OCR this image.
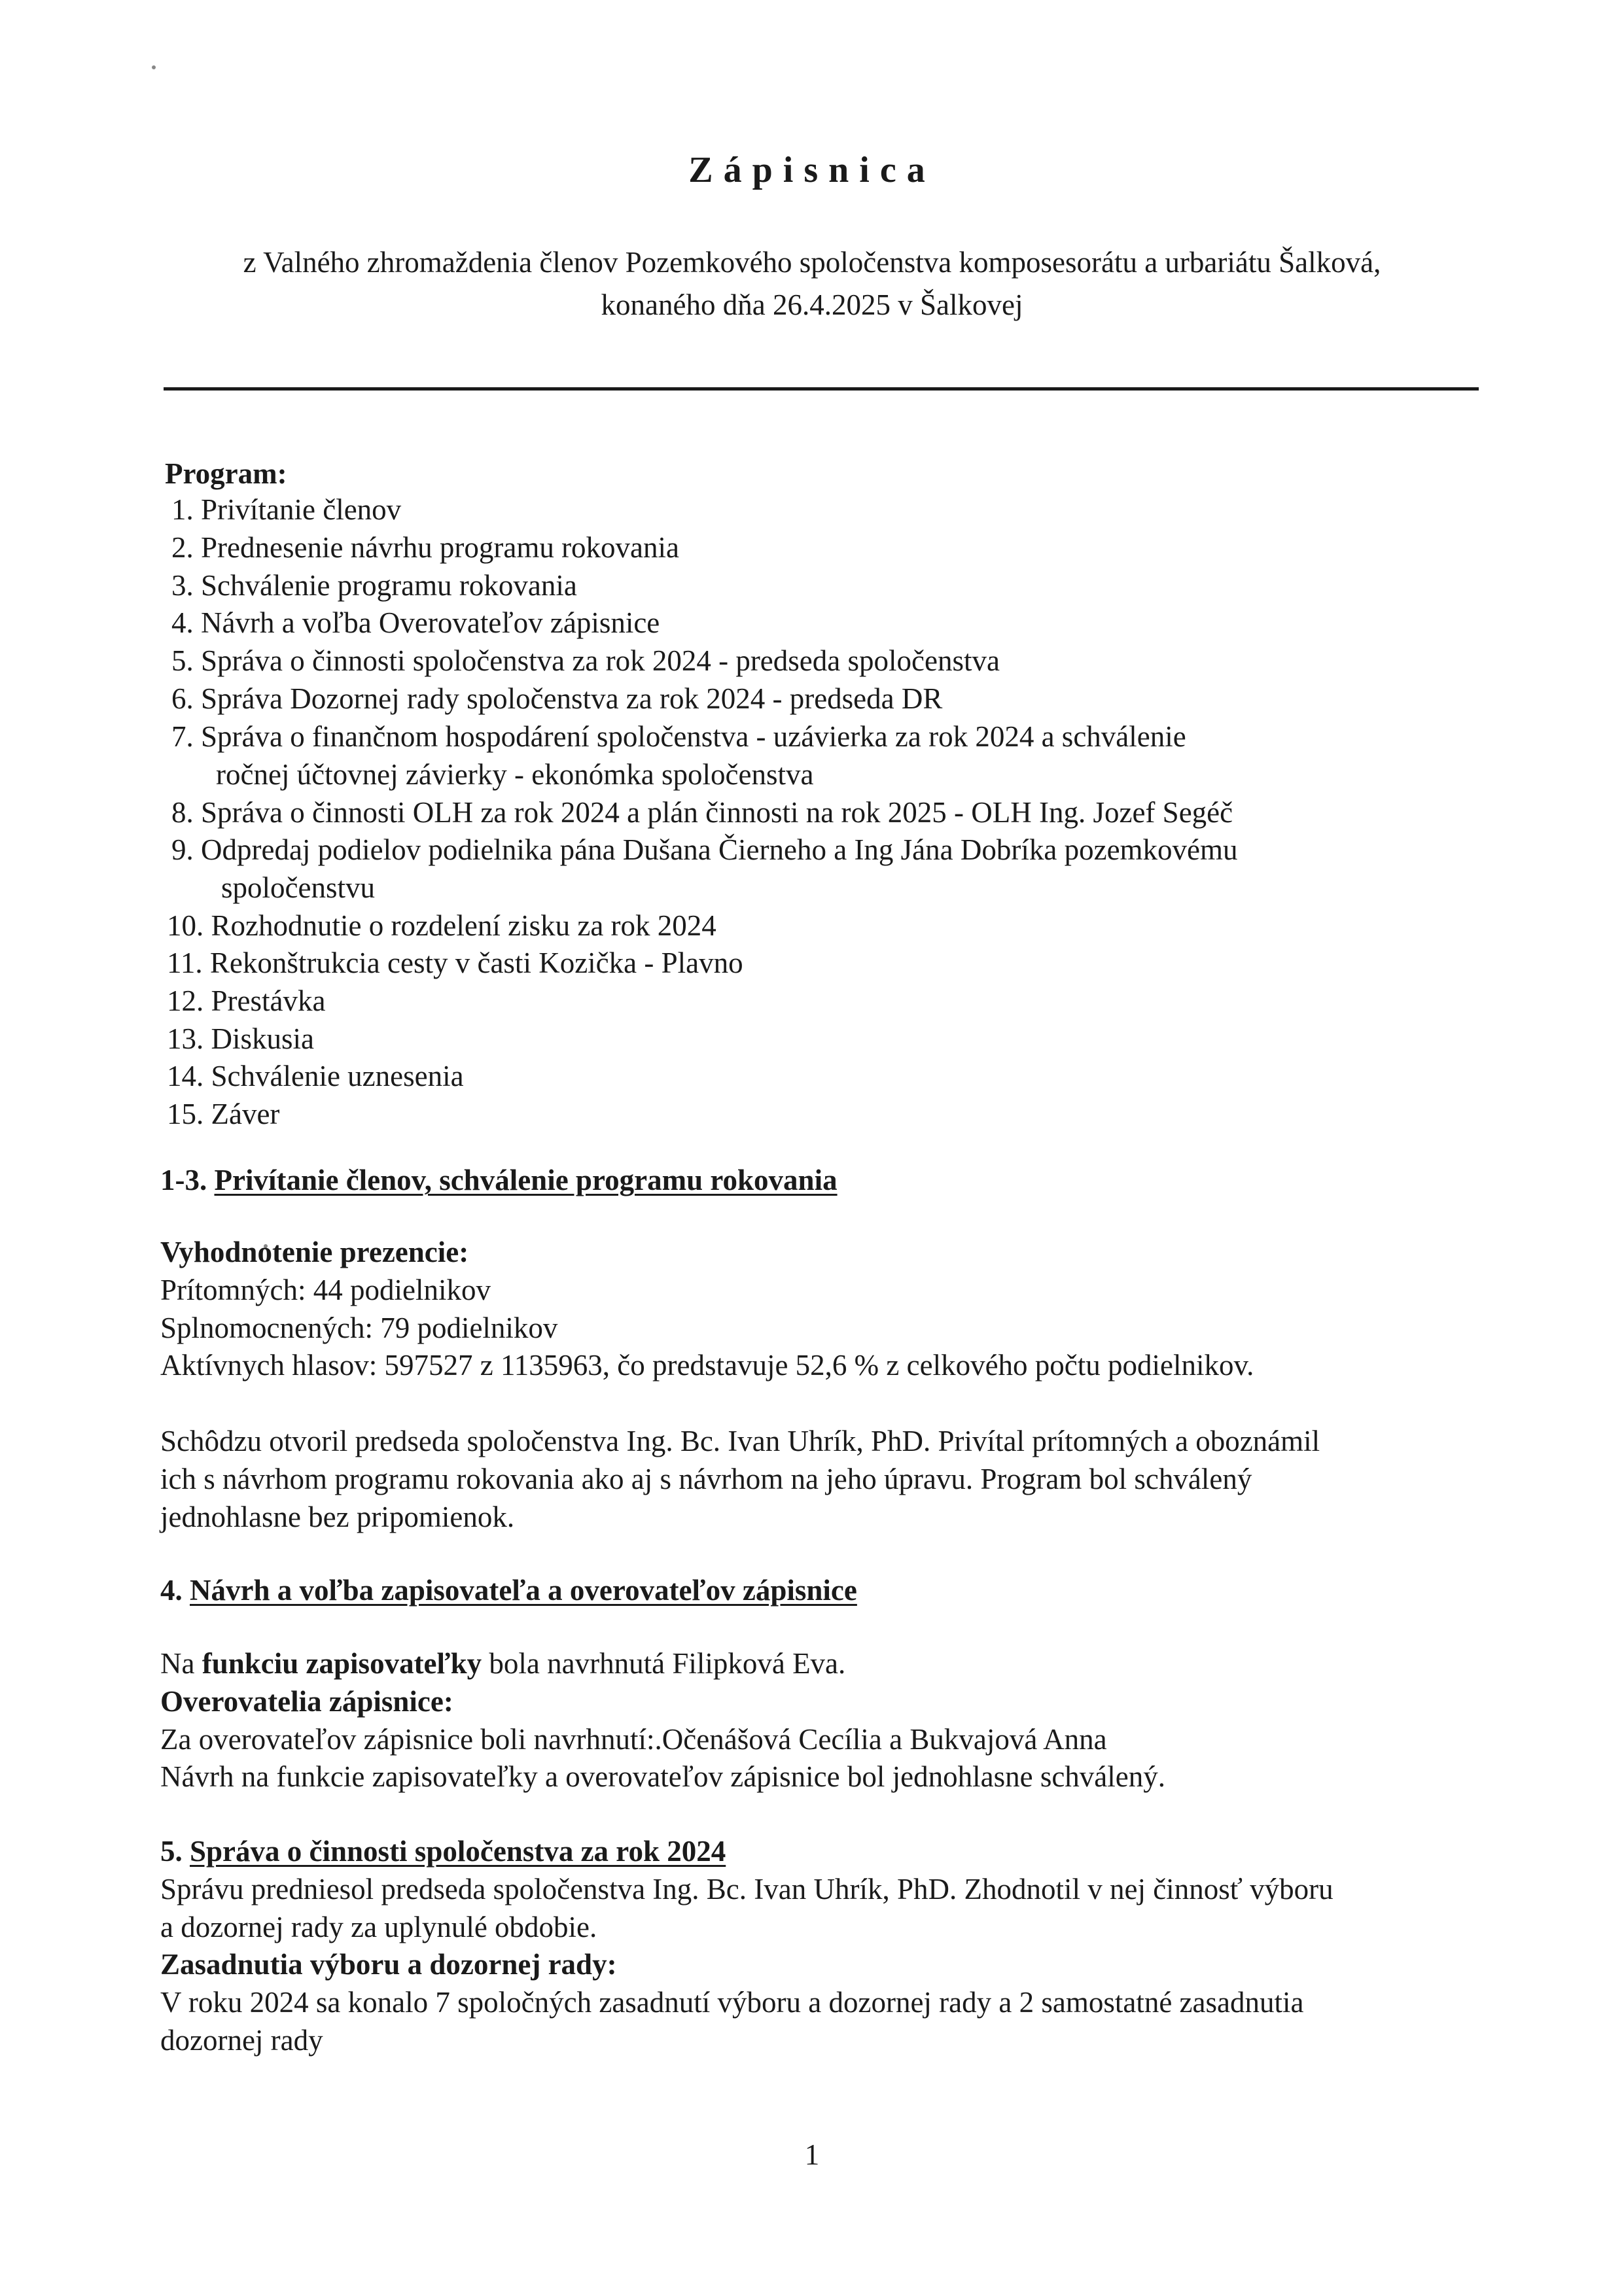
Zápisnica
z Valného zhromaždenia členov Pozemkového spoločenstva komposesorátu a urbariátu Šalková,
konaného dňa 26.4.2025 v Šalkovej
Program:
1. Privítanie členov
2. Prednesenie návrhu programu rokovania
3. Schválenie programu rokovania
4. Návrh a voľba Overovateľov zápisnice
5. Správa o činnosti spoločenstva za rok 2024 - predseda spoločenstva
6. Správa Dozornej rady spoločenstva za rok 2024 - predseda DR
7. Správa o finančnom hospodárení spoločenstva - uzávierka za rok 2024 a schválenie
ročnej účtovnej závierky - ekonómka spoločenstva
8. Správa o činnosti OLH za rok 2024 a plán činnosti na rok 2025 - OLH Ing. Jozef Segéč
9. Odpredaj podielov podielnika pána Dušana Čierneho a Ing Jána Dobríka pozemkovému
spoločenstvu
10. Rozhodnutie o rozdelení zisku za rok 2024
11. Rekonštrukcia cesty v časti Kozička - Plavno
12. Prestávka
13. Diskusia
14. Schválenie uznesenia
15. Záver
1-3. Privítanie členov, schválenie programu rokovania
Vyhodnotenie prezencie:
Prítomných: 44 podielnikov
Splnomocnených: 79 podielnikov
Aktívnych hlasov: 597527 z 1135963, čo predstavuje 52,6 % z celkového počtu podielnikov.
Schôdzu otvoril predseda spoločenstva Ing. Bc. Ivan Uhrík, PhD. Privítal prítomných a oboznámil
ich s návrhom programu rokovania ako aj s návrhom na jeho úpravu. Program bol schválený
jednohlasne bez pripomienok.
4. Návrh a voľba zapisovateľa a overovateľov zápisnice
Na funkciu zapisovateľky bola navrhnutá Filipková Eva.
Overovatelia zápisnice:
Za overovateľov zápisnice boli navrhnutí:.Očenášová Cecília a Bukvajová Anna
Návrh na funkcie zapisovateľky a overovateľov zápisnice bol jednohlasne schválený.
5. Správa o činnosti spoločenstva za rok 2024
Správu predniesol predseda spoločenstva Ing. Bc. Ivan Uhrík, PhD. Zhodnotil v nej činnosť výboru
a dozornej rady za uplynulé obdobie.
Zasadnutia výboru a dozornej rady:
V roku 2024 sa konalo 7 spoločných zasadnutí výboru a dozornej rady a 2 samostatné zasadnutia
dozornej rady
1
